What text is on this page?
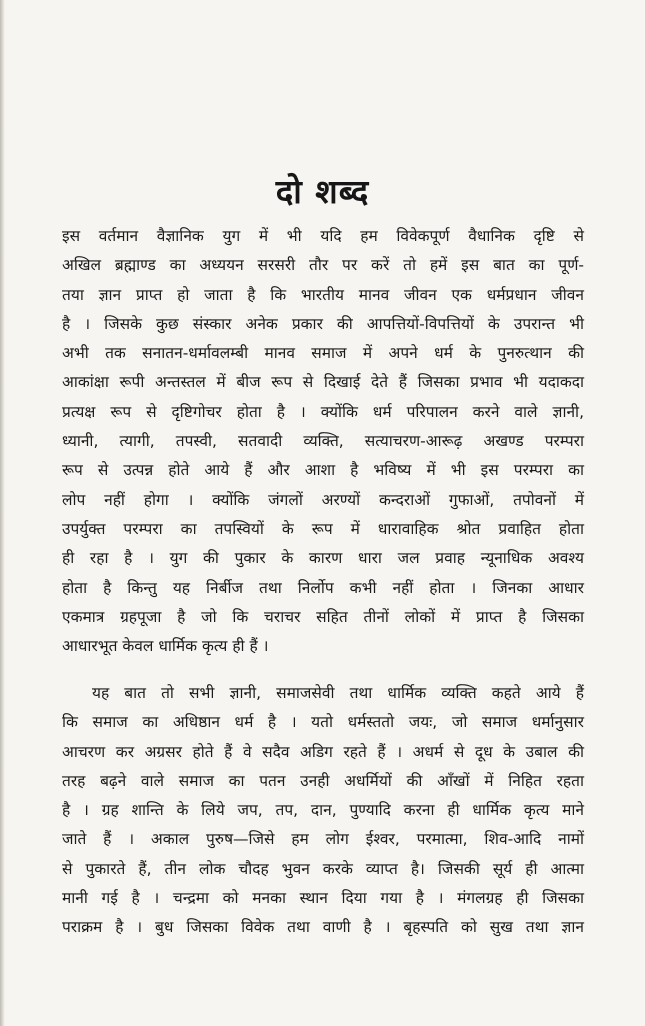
दो शब्द
इस वर्तमान वैज्ञानिक युग में भी यदि हम विवेकपूर्ण वैधानिक दृष्टि से
अखिल ब्रह्माण्ड का अध्ययन सरसरी तौर पर करें तो हमें इस बात का पूर्ण-
तया ज्ञान प्राप्त हो जाता है कि भारतीय मानव जीवन एक धर्मप्रधान जीवन
है । जिसके कुछ संस्कार अनेक प्रकार की आपत्तियों-विपत्तियों के उपरान्त भी
अभी तक सनातन-धर्मावलम्बी मानव समाज में अपने धर्म के पुनरुत्थान की
आकांक्षा रूपी अन्तस्तल में बीज रूप से दिखाई देते हैं जिसका प्रभाव भी यदाकदा
प्रत्यक्ष रूप से दृष्टिगोचर होता है । क्योंकि धर्म परिपालन करने वाले ज्ञानी,
ध्यानी, त्यागी, तपस्वी, सतवादी व्यक्ति, सत्याचरण-आरूढ़ अखण्ड परम्परा
रूप से उत्पन्न होते आये हैं और आशा है भविष्य में भी इस परम्परा का
लोप नहीं होगा । क्योंकि जंगलों अरण्यों कन्दराओं गुफाओं, तपोवनों में
उपर्युक्त परम्परा का तपस्वियों के रूप में धारावाहिक श्रोत प्रवाहित होता
ही रहा है । युग की पुकार के कारण धारा जल प्रवाह न्यूनाधिक अवश्य
होता है किन्तु यह निर्बीज तथा निर्लोप कभी नहीं होता । जिनका आधार
एकमात्र ग्रहपूजा है जो कि चराचर सहित तीनों लोकों में प्राप्त है जिसका
आधारभूत केवल धार्मिक कृत्य ही हैं ।
यह बात तो सभी ज्ञानी, समाजसेवी तथा धार्मिक व्यक्ति कहते आये हैं
कि समाज का अधिष्ठान धर्म है । यतो धर्मस्ततो जयः, जो समाज धर्मानुसार
आचरण कर अग्रसर होते हैं वे सदैव अडिग रहते हैं । अधर्म से दूध के उबाल की
तरह बढ़ने वाले समाज का पतन उनही अधर्मियों की आँखों में निहित रहता
है । ग्रह शान्ति के लिये जप, तप, दान, पुण्यादि करना ही धार्मिक कृत्य माने
जाते हैं । अकाल पुरुष—जिसे हम लोग ईश्वर, परमात्मा, शिव-आदि नामों
से पुकारते हैं, तीन लोक चौदह भुवन करके व्याप्त है। जिसकी सूर्य ही आत्मा
मानी गई है । चन्द्रमा को मनका स्थान दिया गया है । मंगलग्रह ही जिसका
पराक्रम है । बुध जिसका विवेक तथा वाणी है । बृहस्पति को सुख तथा ज्ञान
